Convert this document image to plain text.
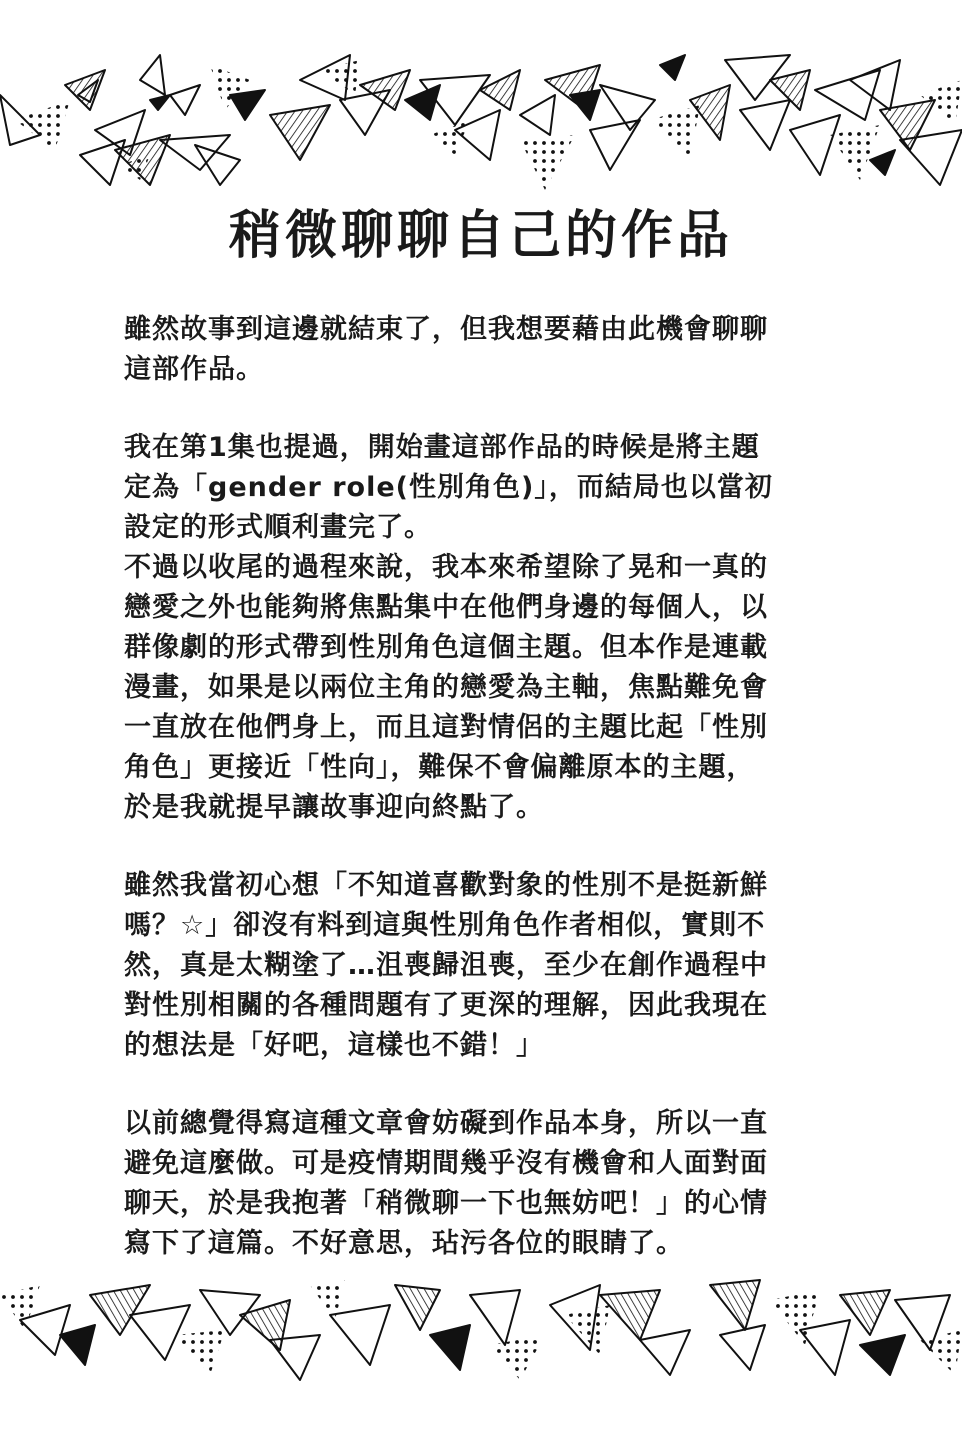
稍微聊聊自己的作品

雖然故事到這邊就結束了，但我想要藉由此機會聊聊
這部作品。

我在第1集也提過，開始畫這部作品的時候是將主題
定為「gender role(性別角色)」，而結局也以當初
設定的形式順利畫完了。

不過以收尾的過程來說，我本來希望除了晃和一真的
戀愛之外也能夠將焦點集中在他們身邊的每個人，以
群像劇的形式帶到性別角色這個主題。但本作是連載
漫畫，如果是以兩位主角的戀愛為主軸，焦點難免會
一直放在他們身上，而且這對情侶的主題比起「性別
角色」更接近「性向」，難保不會偏離原本的主題，
於是我就提早讓故事迎向終點了。

雖然我當初心想「不知道喜歡對象的性別不是挺新鮮
嗎？☆」卻沒有料到這與性別角色作者相似，實則不
然，真是太糊塗了…沮喪歸沮喪，至少在創作過程中
對性別相關的各種問題有了更深的理解，因此我現在
的想法是「好吧，這樣也不錯！」

以前總覺得寫這種文章會妨礙到作品本身，所以一直
避免這麼做。可是疫情期間幾乎沒有機會和人面對面
聊天，於是我抱著「稍微聊一下也無妨吧！」的心情
寫下了這篇。不好意思，玷污各位的眼睛了。
